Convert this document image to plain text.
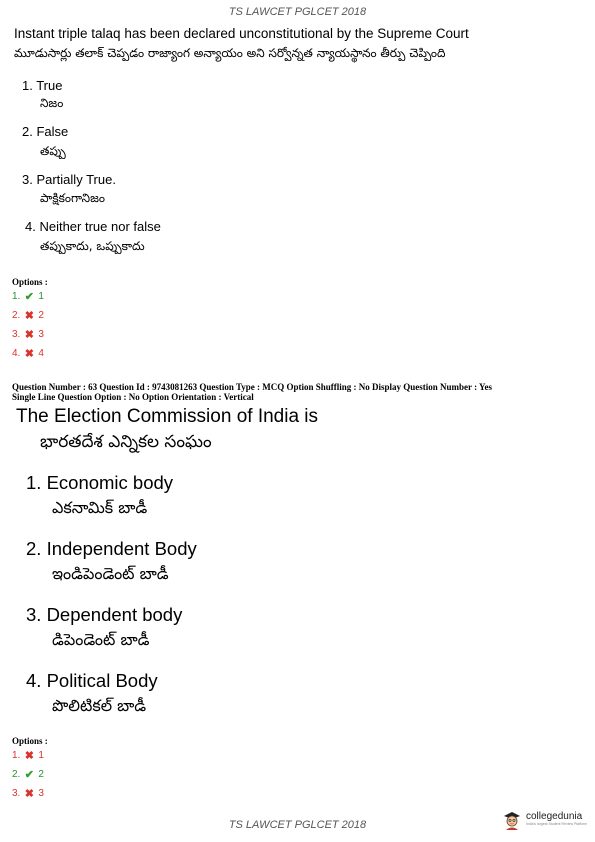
TS LAWCET PGLCET 2018
Instant triple talaq has been declared unconstitutional by the Supreme Court
మూడుసార్లు తలాక్ చెప్పడం రాజ్యాంగ అన్యాయం అని సర్వోన్నత న్యాయస్థానం తీర్పు చెప్పింది
1. True
నిజం
2. False
తప్పు
3. Partially True.
పాక్షికంగానిజం
4. Neither true nor false
తప్పుకాదు, ఒప్పుకాదు
Options :
1. ✔ 1
2. ✖ 2
3. ✖ 3
4. ✖ 4
Question Number : 63 Question Id : 9743081263 Question Type : MCQ Option Shuffling : No Display Question Number : Yes
Single Line Question Option : No Option Orientation : Vertical
The Election Commission of India is
భారతదేశ ఎన్నికల సంఘం
1. Economic body
ఎకనామిక్ బాడీ
2. Independent Body
ఇండిపెండెంట్ బాడీ
3. Dependent body
డిపెండెంట్ బాడీ
4. Political Body
పొలిటికల్ బాడీ
Options :
1. ✖ 1
2. ✔ 2
3. ✖ 3
TS LAWCET PGLCET 2018
collegedunia
India's largest Student Review Platform
